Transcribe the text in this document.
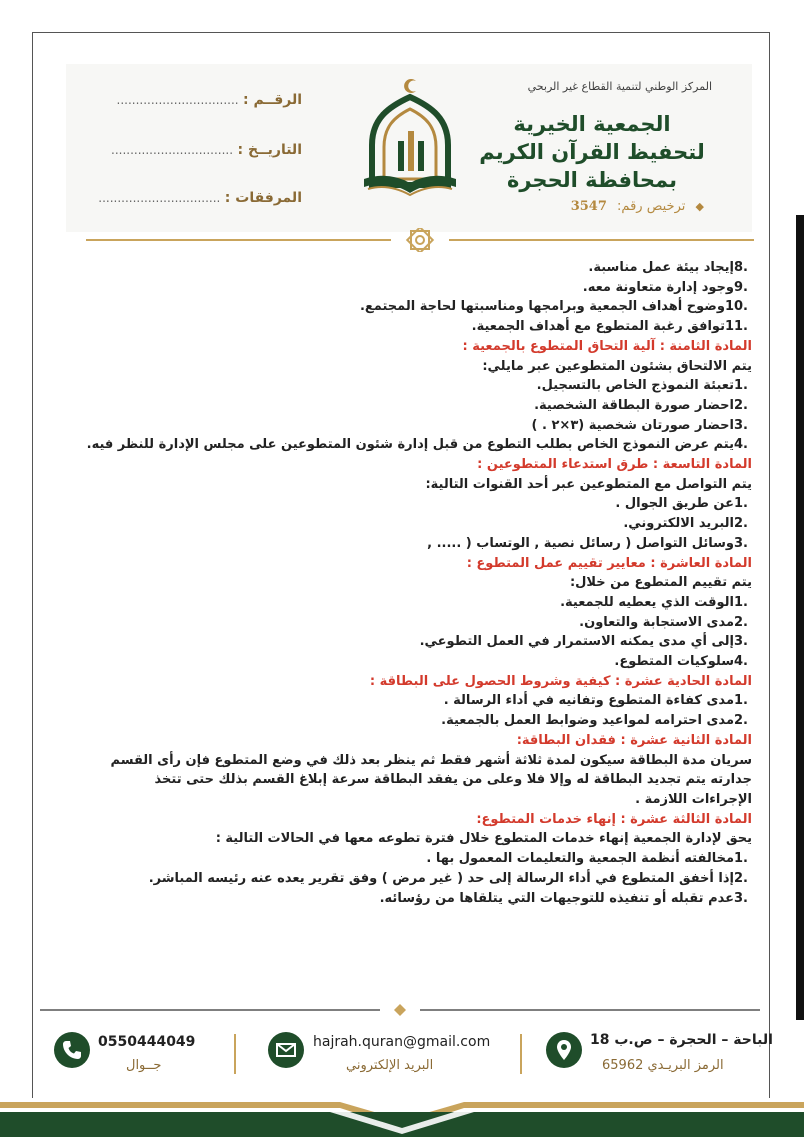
المركز الوطني لتنمية القطاع غير الربحي
الجمعية الخيرية
لتحفيظ القرآن الكريم
بمحافظة الحجرة
◆ ترخيص رقم: 3547
الرقــم : ................................
التاريــخ : ................................
المرفقات : ................................
.8إيجاد بيئة عمل مناسبة.
.9وجود إدارة متعاونة معه.
.10وضوح أهداف الجمعية وبرامجها ومناسبتها لحاجة المجتمع.
.11توافق رغبة المتطوع مع أهداف الجمعية.
المادة الثامنة : آلية التحاق المتطوع بالجمعية :
يتم الالتحاق بشئون المتطوعين عبر مايلي:
.1تعبئة النموذج الخاص بالتسجيل.
.2احضار صورة البطاقة الشخصية.
.3احضار صورتان شخصية (٣×٢ . )
.4يتم عرض النموذج الخاص بطلب التطوع من قبل إدارة شئون المتطوعين على مجلس الإدارة للنظر فيه.
المادة التاسعة : طرق استدعاء المتطوعين :
يتم التواصل مع المتطوعين عبر أحد القنوات التالية:
.1عن طريق الجوال .
.2البريد الالكتروني.
.3وسائل التواصل ( رسائل نصية , الوتساب ( ..... ,
المادة العاشرة : معايير تقييم عمل المتطوع :
يتم تقييم المتطوع من خلال:
.1الوقت الذي يعطيه للجمعية.
.2مدى الاستجابة والتعاون.
.3إلى أي مدى يمكنه الاستمرار في العمل التطوعي.
.4سلوكيات المتطوع.
المادة الحادية عشرة : كيفية وشروط الحصول على البطاقة :
.1مدى كفاءة المتطوع وتفانيه في أداء الرسالة .
.2مدى احترامه لمواعيد وضوابط العمل بالجمعية.
المادة الثانية عشرة : فقدان البطاقة:
سريان مدة البطاقة سيكون لمدة ثلاثة أشهر فقط ثم ينظر بعد ذلك في وضع المتطوع فإن رأى القسم جدارته يتم تجديد البطاقة له وإلا فلا وعلى من يفقد البطاقة سرعة إبلاغ القسم بذلك حتى تتخذ الإجراءات اللازمة .
المادة الثالثة عشرة : إنهاء خدمات المتطوع:
يحق لإدارة الجمعية إنهاء خدمات المتطوع خلال فترة تطوعه معها في الحالات التالية :
.1مخالفته أنظمة الجمعية والتعليمات المعمول بها .
.2إذا أخفق المتطوع في أداء الرسالة إلى حد ( غير مرض ) وفق تقرير يعده عنه رئيسه المباشر.
.3عدم تقبله أو تنفيذه للتوجيهات التي يتلقاها من رؤسائه.
0550444049
جــوال
hajrah.quran@gmail.com
البريد الإلكتروني
الباحة – الحجرة – ص.ب 18
الرمز البريـدي 65962
